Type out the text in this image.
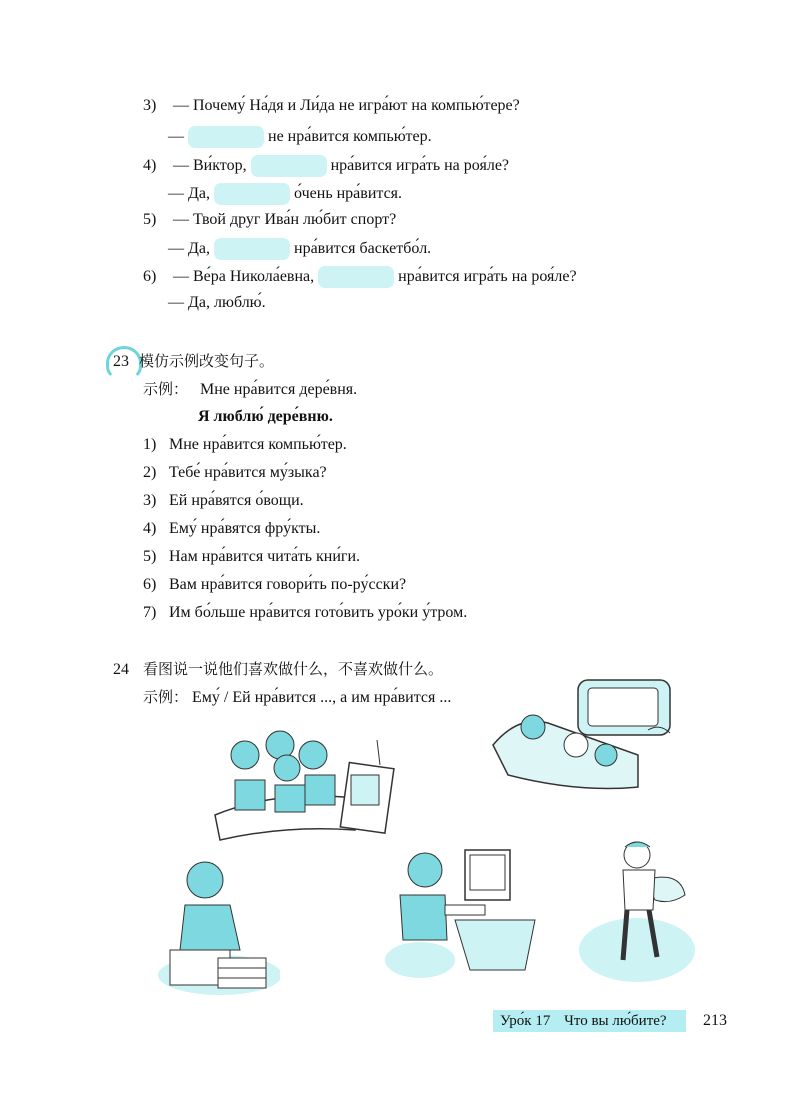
3) — Почему́ На́дя и Ли́да не игра́ют на компью́тере?
—	не нра́вится компью́тер.
4) — Ви́ктор,	нра́вится игра́ть на роя́ле?
— Да,	о́чень нра́вится.
5) — Твой друг Ива́н лю́бит спорт?
— Да,	нра́вится баскетбо́л.
6) — Ве́ра Никола́евна,	нра́вится игра́ть на роя́ле?
— Да, люблю́.
23 模仿示例改变句子。
示例： Мне нра́вится дере́вня.
Я люблю́ дере́вню.
1) Мне нра́вится компью́тер.
2) Тебе́ нра́вится му́зыка?
3) Ей нра́вятся о́вощи.
4) Ему́ нра́вятся фру́кты.
5) Нам нра́вится чита́ть кни́ги.
6) Вам нра́вится говори́ть по-ру́сски?
7) Им бо́льше нра́вится гото́вить уро́ки у́тром.
24 看图说一说他们喜欢做什么，不喜欢做什么。
示例： Ему́ / Ей нра́вится ..., а им нра́вится ...
Уро́к 17 Что вы лю́бите? 213
